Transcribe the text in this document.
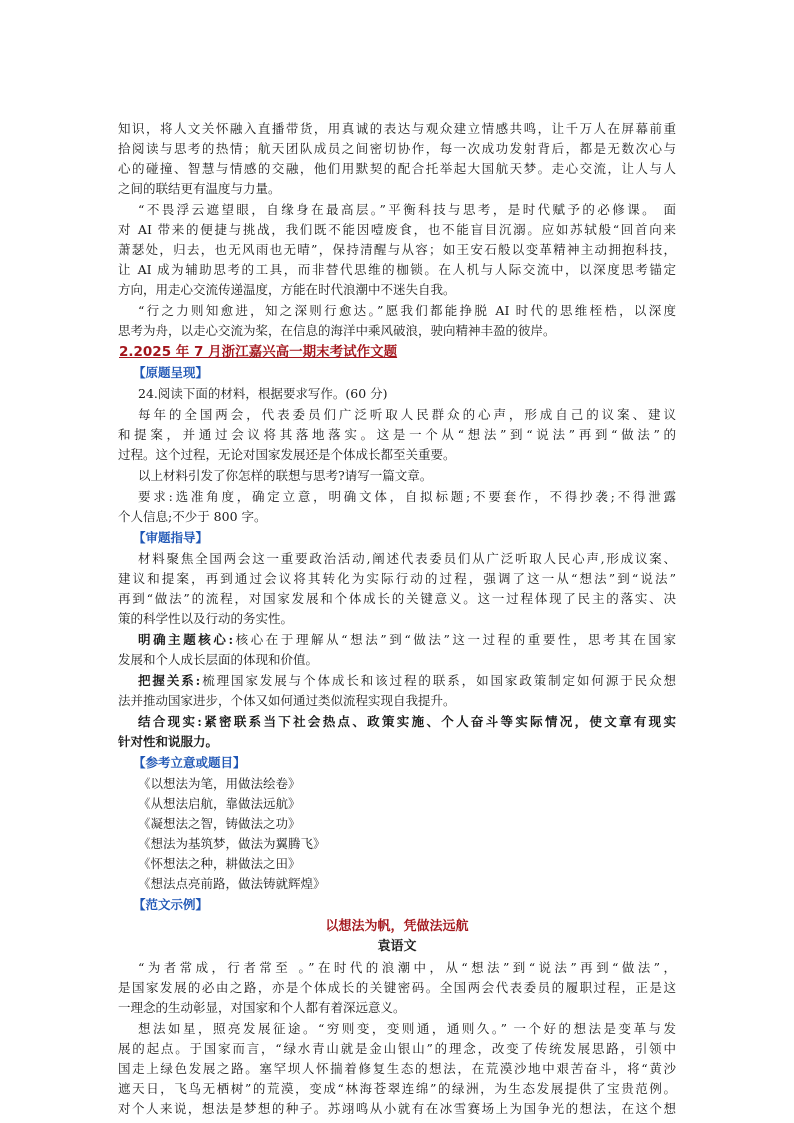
知识，将人文关怀融入直播带货，用真诚的表达与观众建立情感共鸣，让千万人在屏幕前重
拾阅读与思考的热情；航天团队成员之间密切协作，每一次成功发射背后，都是无数次心与
心的碰撞、智慧与情感的交融，他们用默契的配合托举起大国航天梦。走心交流，让人与人
之间的联结更有温度与力量。
“不畏浮云遮望眼，自缘身在最高层。”平衡科技与思考，是时代赋予的必修课。 面
对 AI 带来的便捷与挑战，我们既不能因噎废食，也不能盲目沉溺。应如苏轼般“回首向来
萧瑟处，归去，也无风雨也无晴”，保持清醒与从容；如王安石般以变革精神主动拥抱科技，
让 AI 成为辅助思考的工具，而非替代思维的枷锁。在人机与人际交流中，以深度思考锚定
方向，用走心交流传递温度，方能在时代浪潮中不迷失自我。
“行之力则知愈进，知之深则行愈达。”愿我们都能挣脱 AI 时代的思维桎梏，以深度
思考为舟，以走心交流为桨，在信息的海洋中乘风破浪，驶向精神丰盈的彼岸。
2.2025 年 7 月浙江嘉兴高一期末考试作文题
【原题呈现】
24.阅读下面的材料，根据要求写作。(60 分)
每年的全国两会，代表委员们广泛听取人民群众的心声，形成自己的议案、建议
和提案，并通过会议将其落地落实。这是一个从“想法”到“说法”再到“做法”的
过程。这个过程，无论对国家发展还是个体成长都至关重要。
以上材料引发了你怎样的联想与思考?请写一篇文章。
要求:选准角度，确定立意，明确文体，自拟标题;不要套作，不得抄袭;不得泄露
个人信息;不少于 800 字。
【审题指导】
材料聚焦全国两会这一重要政治活动,阐述代表委员们从广泛听取人民心声,形成议案、
建议和提案，再到通过会议将其转化为实际行动的过程，强调了这一从“想法”到“说法”
再到“做法”的流程，对国家发展和个体成长的关键意义。这一过程体现了民主的落实、决
策的科学性以及行动的务实性。
明确主题核心:核心在于理解从“想法”到“做法”这一过程的重要性，思考其在国家
发展和个人成长层面的体现和价值。
把握关系:梳理国家发展与个体成长和该过程的联系，如国家政策制定如何源于民众想
法并推动国家进步，个体又如何通过类似流程实现自我提升。
结合现实:紧密联系当下社会热点、政策实施、个人奋斗等实际情况，使文章有现实
针对性和说服力。
【参考立意或题目】
《以想法为笔，用做法绘卷》
《从想法启航，靠做法远航》
《凝想法之智，铸做法之功》
《想法为基筑梦，做法为翼腾飞》
《怀想法之种，耕做法之田》
《想法点亮前路，做法铸就辉煌》
【范文示例】
以想法为帆，凭做法远航
袁语文
“为者常成，行者常至 。”在时代的浪潮中，从“想法”到“说法”再到“做法”，
是国家发展的必由之路，亦是个体成长的关键密码。全国两会代表委员的履职过程，正是这
一理念的生动彰显，对国家和个人都有着深远意义。
想法如星，照亮发展征途。“穷则变，变则通，通则久。” 一个好的想法是变革与发
展的起点。于国家而言，“绿水青山就是金山银山”的理念，改变了传统发展思路，引领中
国走上绿色发展之路。塞罕坝人怀揣着修复生态的想法，在荒漠沙地中艰苦奋斗，将“黄沙
遮天日，飞鸟无栖树”的荒漠，变成“林海苍翠连绵”的绿洲，为生态发展提供了宝贵范例。
对个人来说，想法是梦想的种子。苏翊鸣从小就有在冰雪赛场上为国争光的想法，在这个想
